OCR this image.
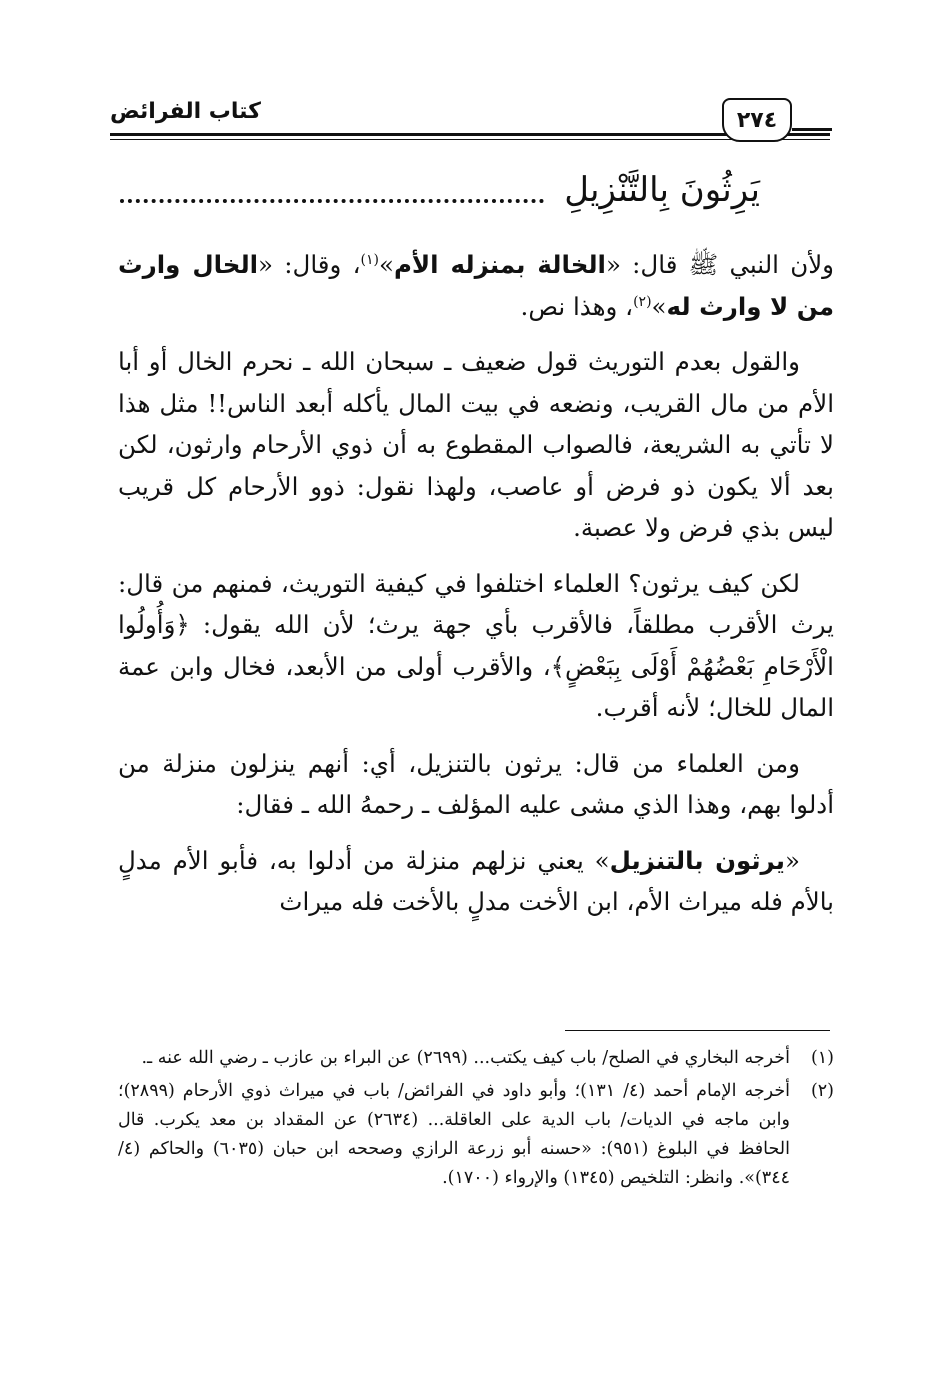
كتاب الفرائض	٢٧٤
يَرِثُونَ بِالتَّنْزِيلِ

ولأن النبي ﷺ قال: «الخالة بمنزله الأم»$^{(١)}$، وقال: «الخال وارث من لا وارث له»$^{(٢)}$، وهذا نص.

والقول بعدم التوريث قول ضعيف ـ سبحان الله ـ نحرم الخال أو أبا الأم من مال القريب، ونضعه في بيت المال يأكله أبعد الناس!! مثل هذا لا تأتي به الشريعة، فالصواب المقطوع به أن ذوي الأرحام وارثون، لكن بعد ألا يكون ذو فرض أو عاصب، ولهذا نقول: ذوو الأرحام كل قريب ليس بذي فرض ولا عصبة.

لكن كيف يرثون؟ العلماء اختلفوا في كيفية التوريث، فمنهم من قال: يرث الأقرب مطلقاً، فالأقرب بأي جهة يرث؛ لأن الله يقول: ﴿وَأُولُوا الْأَرْحَامِ بَعْضُهُمْ أَوْلَى بِبَعْضٍ﴾، والأقرب أولى من الأبعد، فخال وابن عمة المال للخال؛ لأنه أقرب.

ومن العلماء من قال: يرثون بالتنزيل، أي: أنهم ينزلون منزلة من أدلوا بهم، وهذا الذي مشى عليه المؤلف ـ رحمهُ الله ـ فقال:

«يرثون بالتنزيل» يعني نزلهم منزلة من أدلوا به، فأبو الأم مدلٍ بالأم فله ميراث الأم، ابن الأخت مدلٍ بالأخت فله ميراث

(١)
أخرجه البخاري في الصلح/ باب كيف يكتب... (٢٦٩٩) عن البراء بن عازب ـ رضي الله عنه ـ.
(٢)
أخرجه الإمام أحمد (٤/ ١٣١)؛ وأبو داود في الفرائض/ باب في ميراث ذوي الأرحام (٢٨٩٩)؛ وابن ماجه في الديات/ باب الدية على العاقلة... (٢٦٣٤) عن المقداد بن معد يكرب. قال الحافظ في البلوغ (٩٥١): «حسنه أبو زرعة الرازي وصححه ابن حبان (٦٠٣٥) والحاكم (٤/ ٣٤٤)». وانظر: التلخيص (١٣٤٥) والإرواء (١٧٠٠).
